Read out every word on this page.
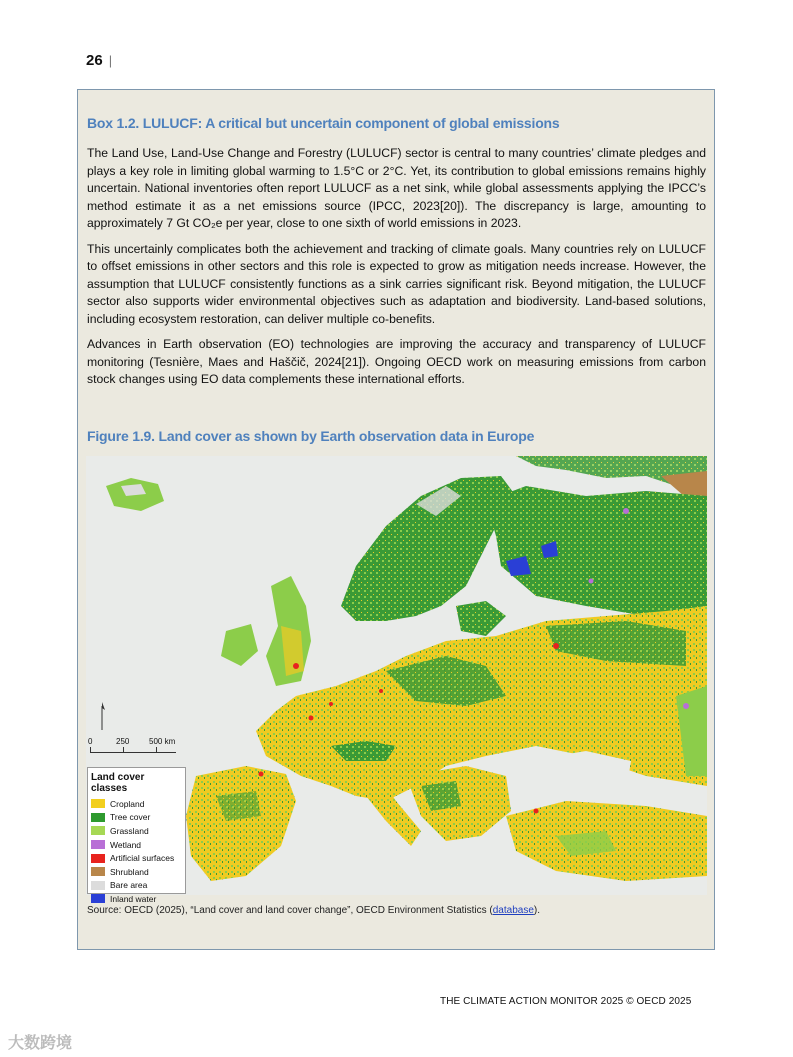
26 |
Box 1.2. LULUCF: A critical but uncertain component of global emissions

The Land Use, Land-Use Change and Forestry (LULUCF) sector is central to many countries’ climate pledges and plays a key role in limiting global warming to 1.5°C or 2°C. Yet, its contribution to global emissions remains highly uncertain. National inventories often report LULUCF as a net sink, while global assessments applying the IPCC’s method estimate it as a net emissions source (IPCC, 2023[20]). The discrepancy is large, amounting to approximately 7 Gt CO₂e per year, close to one sixth of world emissions in 2023.

This uncertainly complicates both the achievement and tracking of climate goals. Many countries rely on LULUCF to offset emissions in other sectors and this role is expected to grow as mitigation needs increase. However, the assumption that LULUCF consistently functions as a sink carries significant risk. Beyond mitigation, the LULUCF sector also supports wider environmental objectives such as adaptation and biodiversity. Land-based solutions, including ecosystem restoration, can deliver multiple co-benefits.

Advances in Earth observation (EO) technologies are improving the accuracy and transparency of LULUCF monitoring (Tesnière, Maes and Haščič, 2024[21]). Ongoing OECD work on measuring emissions from carbon stock changes using EO data complements these international efforts.

Figure 1.9. Land cover as shown by Earth observation data in Europe
Source: OECD (2025), “Land cover and land cover change”, OECD Environment Statistics (database).
0	250 500 km
Land cover classes
Cropland
Tree cover
Grassland
Wetland
Artificial surfaces
Shrubland
Bare area
Inland water
THE CLIMATE ACTION MONITOR 2025 © OECD 2025
大数跨境
